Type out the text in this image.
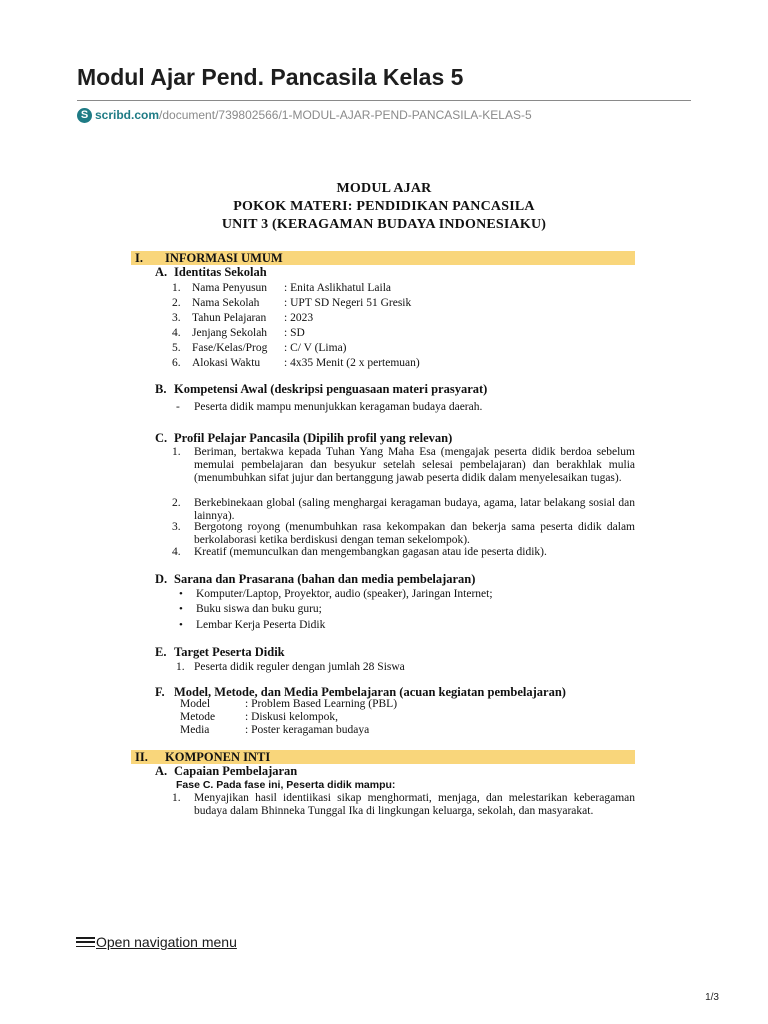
Modul Ajar Pend. Pancasila Kelas 5
S scribd.com /document/739802566/1-MODUL-AJAR-PEND-PANCASILA-KELAS-5
MODUL AJAR
POKOK MATERI: PENDIDIKAN PANCASILA
UNIT 3 (KERAGAMAN BUDAYA INDONESIAKU)
I. INFORMASI UMUM
A. Identitas Sekolah
1. Nama Penyusun : Enita Aslikhatul Laila
2. Nama Sekolah : UPT SD Negeri 51 Gresik
3. Tahun Pelajaran : 2023
4. Jenjang Sekolah : SD
5. Fase/Kelas/Prog : C/ V (Lima)
6. Alokasi Waktu : 4x35 Menit (2 x pertemuan)
B. Kompetensi Awal (deskripsi penguasaan materi prasyarat)
- Peserta didik mampu menunjukkan keragaman budaya daerah.
C. Profil Pelajar Pancasila (Dipilih profil yang relevan)
1. Beriman, bertakwa kepada Tuhan Yang Maha Esa (mengajak peserta didik berdoa sebelum memulai pembelajaran dan besyukur setelah selesai pembelajaran) dan berakhlak mulia (menumbuhkan sifat jujur dan bertanggung jawab peserta didik dalam menyelesaikan tugas).
2. Berkebinekaan global (saling menghargai keragaman budaya, agama, latar belakang sosial dan lainnya).
3. Bergotong royong (menumbuhkan rasa kekompakan dan bekerja sama peserta didik dalam berkolaborasi ketika berdiskusi dengan teman sekelompok).
4. Kreatif (memunculkan dan mengembangkan gagasan atau ide peserta didik).
D. Sarana dan Prasarana (bahan dan media pembelajaran)
• Komputer/Laptop, Proyektor, audio (speaker), Jaringan Internet;
• Buku siswa dan buku guru;
• Lembar Kerja Peserta Didik
E. Target Peserta Didik
1. Peserta didik reguler dengan jumlah 28 Siswa
F. Model, Metode, dan Media Pembelajaran (acuan kegiatan pembelajaran)
Model	: Problem Based Learning (PBL)
Metode	: Diskusi kelompok,
Media	: Poster keragaman budaya
II. KOMPONEN INTI
A. Capaian Pembelajaran
Fase C. Pada fase ini, Peserta didik mampu:
1. Menyajikan hasil identiikasi sikap menghormati, menjaga, dan melestarikan keberagaman budaya dalam Bhinneka Tunggal Ika di lingkungan keluarga, sekolah, dan masyarakat.
Open navigation menu
1/3
